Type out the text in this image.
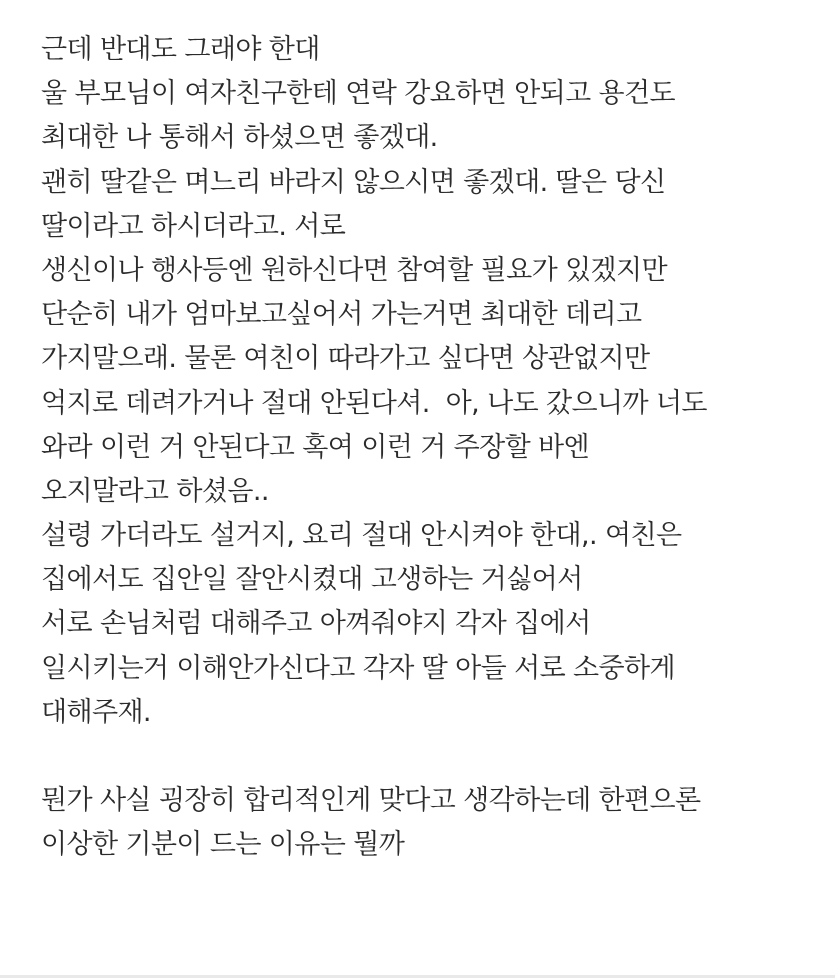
근데 반대도 그래야 한대
울 부모님이 여자친구한테 연락 강요하면 안되고 용건도
최대한 나 통해서 하셨으면 좋겠대.
괜히 딸같은 며느리 바라지 않으시면 좋겠대. 딸은 당신
딸이라고 하시더라고. 서로
생신이나 행사등엔 원하신다면 참여할 필요가 있겠지만
단순히 내가 엄마보고싶어서 가는거면 최대한 데리고
가지말으래. 물론 여친이 따라가고 싶다면 상관없지만
억지로 데려가거나 절대 안된다셔.  아, 나도 갔으니까 너도
와라 이런 거 안된다고 혹여 이런 거 주장할 바엔
오지말라고 하셨음..
설령 가더라도 설거지, 요리 절대 안시켜야 한대,. 여친은
집에서도 집안일 잘안시켰대 고생하는 거싫어서
서로 손님처럼 대해주고 아껴줘야지 각자 집에서
일시키는거 이해안가신다고 각자 딸 아들 서로 소중하게
대해주재.
뭔가 사실 굉장히 합리적인게 맞다고 생각하는데 한편으론
이상한 기분이 드는 이유는 뭘까
